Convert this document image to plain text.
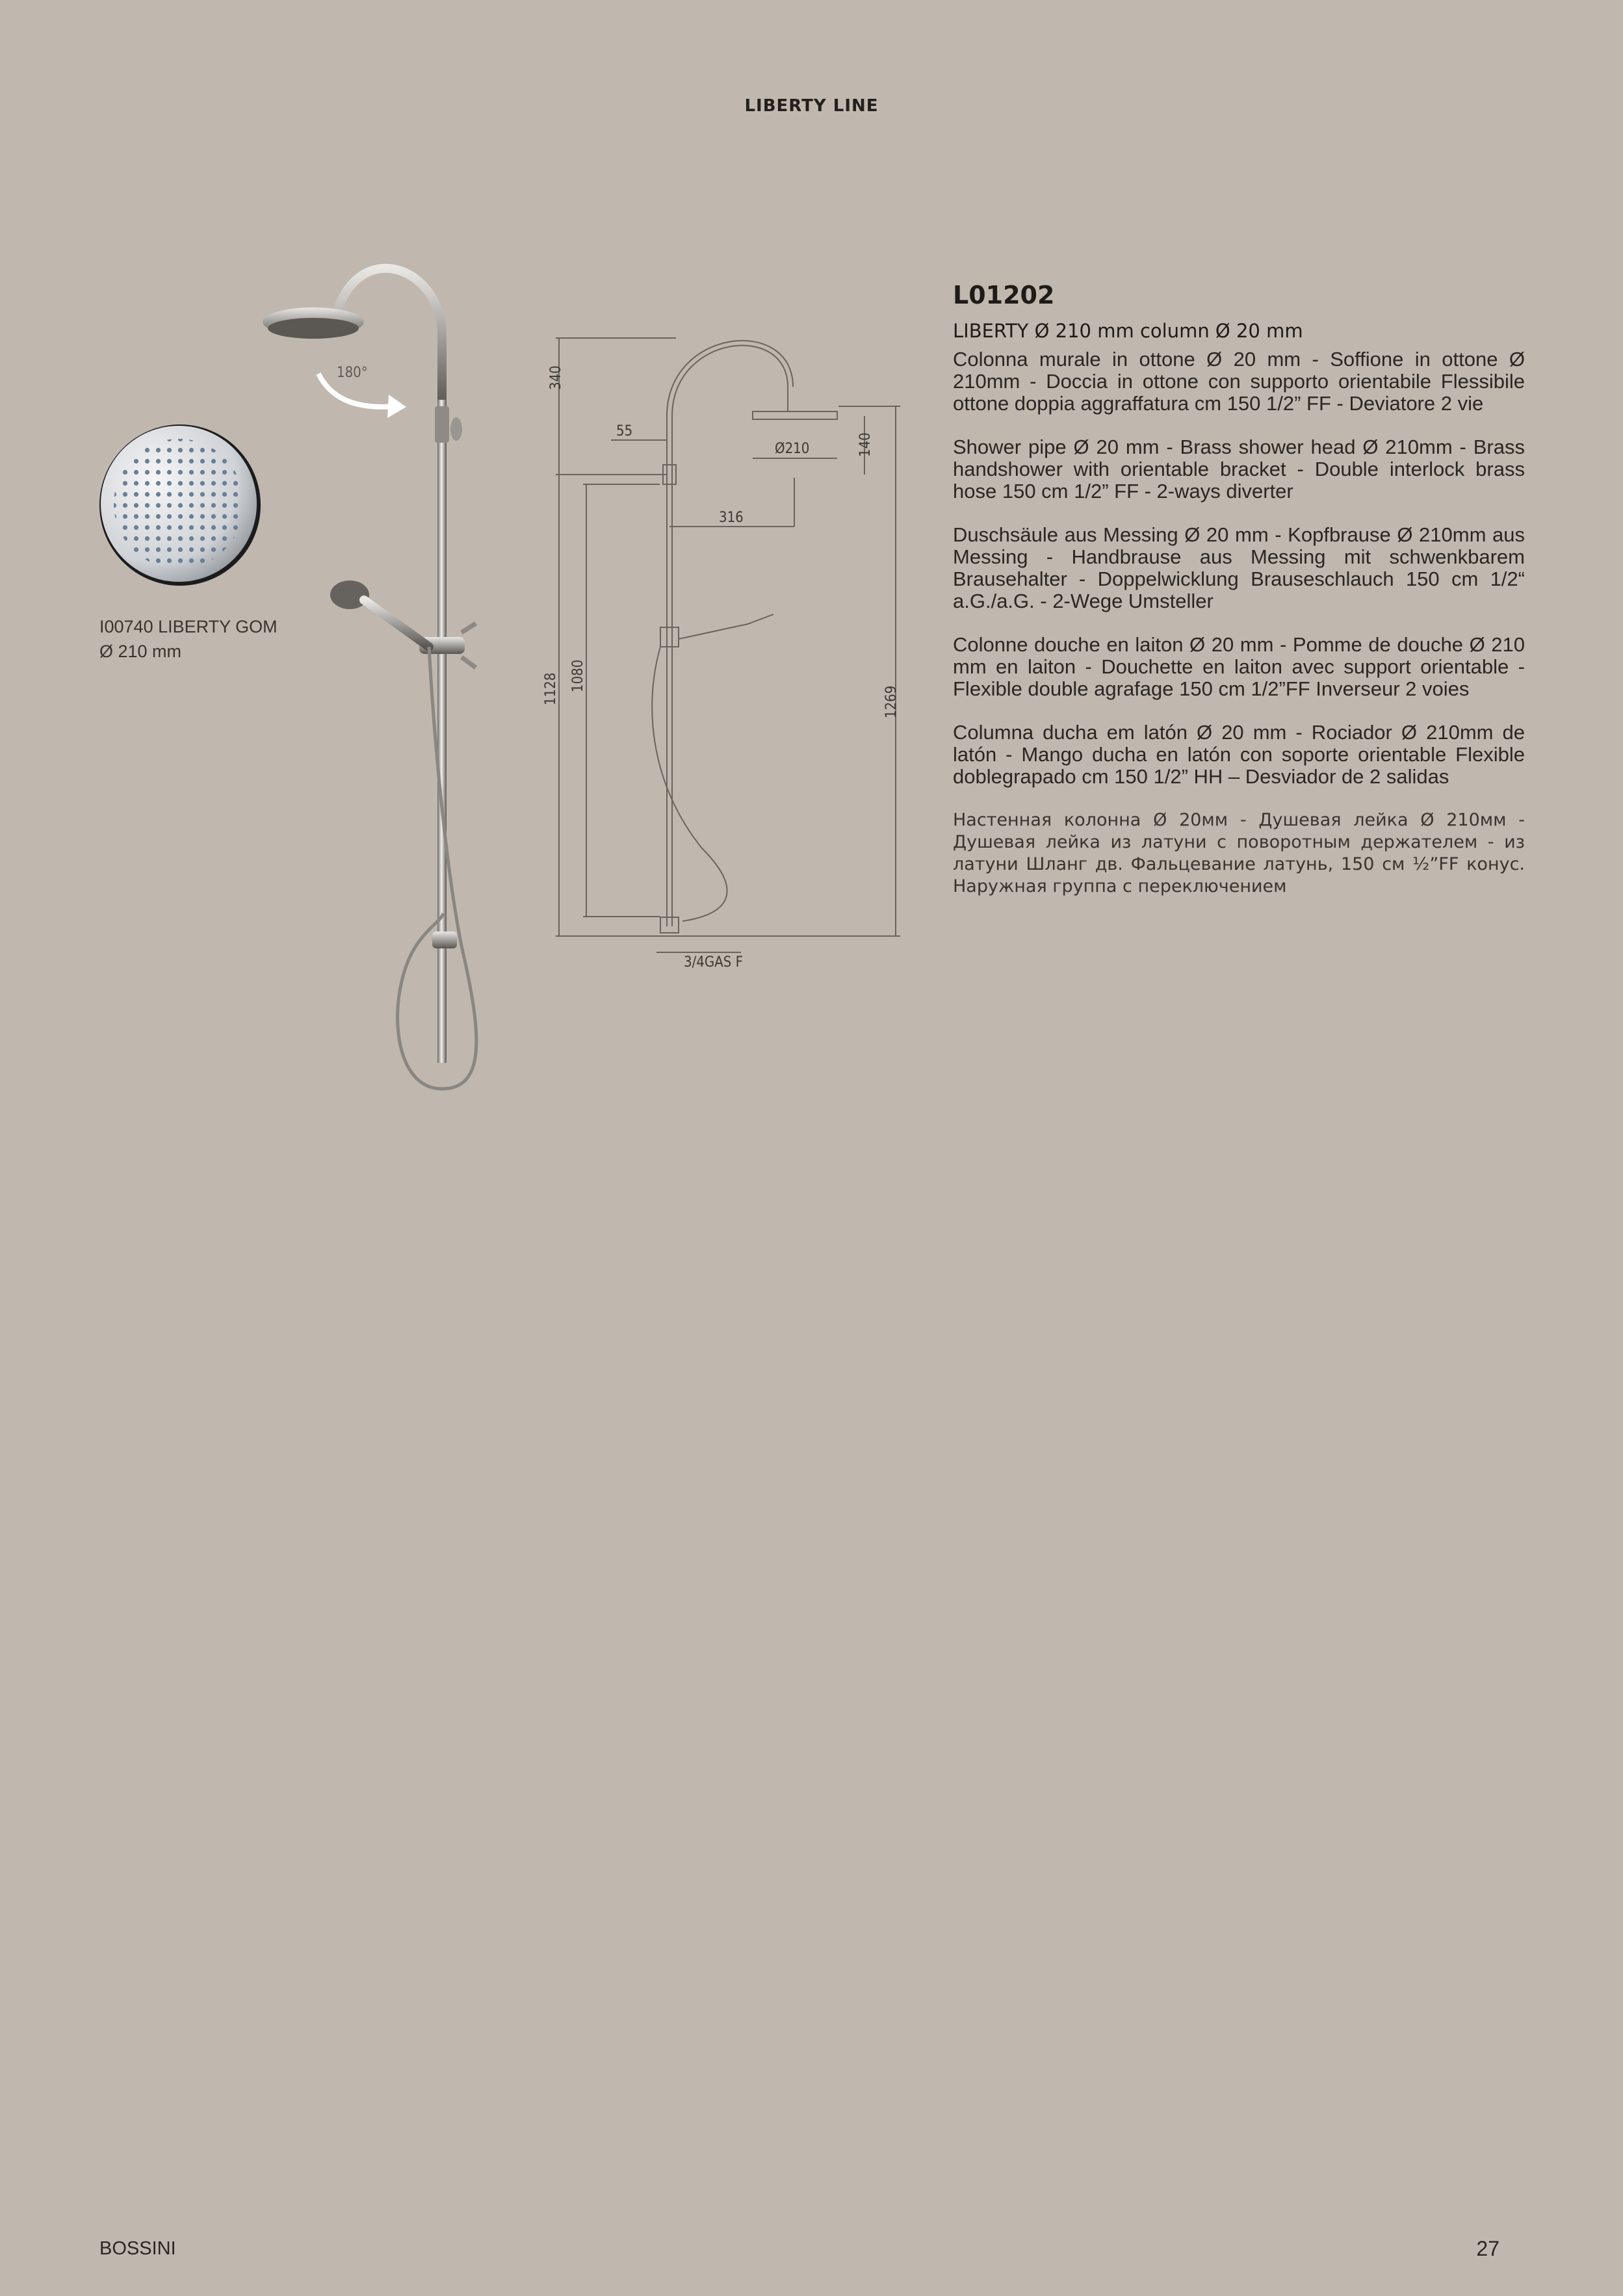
LIBERTY LINE
180°
I00740 LIBERTY GOM
Ø 210 mm
340
55
Ø210	140
316
1128 1080
1269
3/4GAS F
L01202
LIBERTY Ø 210 mm column Ø 20 mm
Colonna murale in ottone Ø 20 mm - Soffione in ottone Ø 210mm - Doccia in ottone con supporto orientabile Flessibile ottone doppia aggraffatura cm 150 1/2” FF - Deviatore 2 vie
Shower pipe Ø 20 mm - Brass shower head Ø 210mm - Brass handshower with orientable bracket - Double interlock brass hose 150 cm 1/2” FF - 2-ways diverter
Duschsäule aus Messing Ø 20 mm - Kopfbrause Ø 210mm aus Messing - Handbrause aus Messing mit schwenkbarem Brausehalter - Doppelwicklung Brauseschlauch 150 cm 1/2“ a.G./a.G. - 2-Wege Umsteller
Colonne douche en laiton Ø 20 mm - Pomme de douche Ø 210 mm en laiton - Douchette en laiton avec support orientable - Flexible double agrafage 150 cm 1/2”FF Inverseur 2 voies
Columna ducha em latón Ø 20 mm - Rociador Ø 210mm de latón - Mango ducha en latón con soporte orientable Flexible doblegrapado cm 150 1/2” HH – Desviador de 2 salidas
Настенная колонна Ø 20мм - Душевая лейка Ø 210мм - Душевая лейка из латуни с поворотным держателем - из латуни Шланг дв. Фальцевание латунь, 150 см ½”FF конус. Наружная группа с переключением
BOSSINI	27
